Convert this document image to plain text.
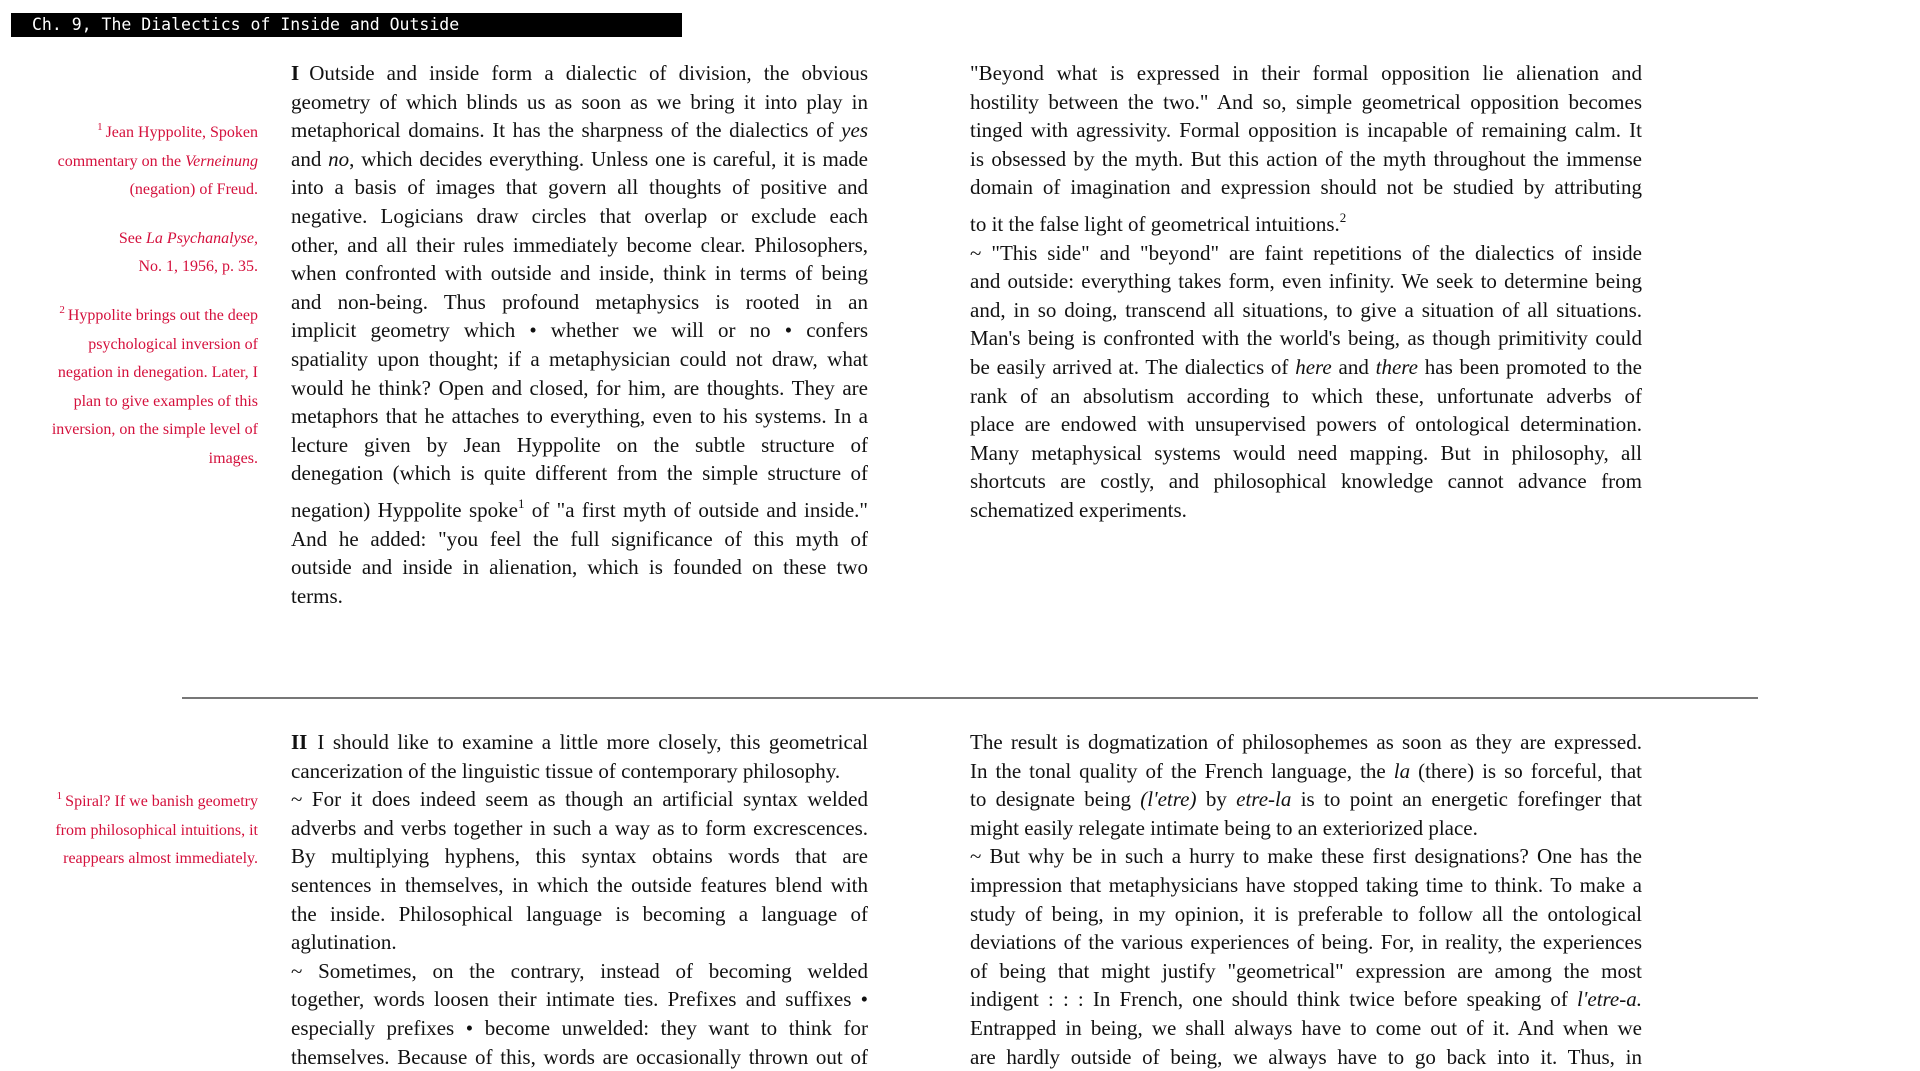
Ch. 9, The Dialectics of Inside and Outside
$^1$ Jean Hyppolite, Spoken
commentary on the Verneinung
(negation) of Freud.
See La Psychanalyse,
No. 1, 1956, p. 35.
$^2$ Hyppolite brings out the deep
psychological inversion of
negation in denegation. Later, I
plan to give examples of this
inversion, on the simple level of
images.
I Outside and inside form a dialectic of division, the obvious
geometry of which blinds us as soon as we bring it into play in
metaphorical domains. It has the sharpness of the dialectics of yes
and no, which decides everything. Unless one is careful, it is made
into a basis of images that govern all thoughts of positive and
negative. Logicians draw circles that overlap or exclude each
other, and all their rules immediately become clear. Philosophers,
when confronted with outside and inside, think in terms of being
and non-being. Thus profound metaphysics is rooted in an
implicit geometry which • whether we will or no • confers
spatiality upon thought; if a metaphysician could not draw, what
would he think? Open and closed, for him, are thoughts. They are
metaphors that he attaches to everything, even to his systems. In a
lecture given by Jean Hyppolite on the subtle structure of
denegation (which is quite different from the simple structure of
negation) Hyppolite spoke$^1$ of "a first myth of outside and inside."
And he added: "you feel the full significance of this myth of
outside and inside in alienation, which is founded on these two
terms.
"Beyond what is expressed in their formal opposition lie alienation and
hostility between the two." And so, simple geometrical opposition becomes
tinged with agressivity. Formal opposition is incapable of remaining calm. It
is obsessed by the myth. But this action of the myth throughout the immense
domain of imagination and expression should not be studied by attributing
to it the false light of geometrical intuitions.$^2$
~ "This side" and "beyond" are faint repetitions of the dialectics of inside
and outside: everything takes form, even infinity. We seek to determine being
and, in so doing, transcend all situations, to give a situation of all situations.
Man's being is confronted with the world's being, as though primitivity could
be easily arrived at. The dialectics of here and there has been promoted to the
rank of an absolutism according to which these, unfortunate adverbs of
place are endowed with unsupervised powers of ontological determination.
Many metaphysical systems would need mapping. But in philosophy, all
shortcuts are costly, and philosophical knowledge cannot advance from
schematized experiments.
$^1$ Spiral? If we banish geometry
from philosophical intuitions, it
reappears almost immediately.
II I should like to examine a little more closely, this geometrical
cancerization of the linguistic tissue of contemporary philosophy.
~ For it does indeed seem as though an artificial syntax welded
adverbs and verbs together in such a way as to form excrescences.
By multiplying hyphens, this syntax obtains words that are
sentences in themselves, in which the outside features blend with
the inside. Philosophical language is becoming a language of
aglutination.
~ Sometimes, on the contrary, instead of becoming welded
together, words loosen their intimate ties. Prefixes and suffixes •
especially prefixes • become unwelded: they want to think for
themselves. Because of this, words are occasionally thrown out of
The result is dogmatization of philosophemes as soon as they are expressed.
In the tonal quality of the French language, the la (there) is so forceful, that
to designate being (l'etre) by etre-la is to point an energetic forefinger that
might easily relegate intimate being to an exteriorized place.
~ But why be in such a hurry to make these first designations? One has the
impression that metaphysicians have stopped taking time to think. To make a
study of being, in my opinion, it is preferable to follow all the ontological
deviations of the various experiences of being. For, in reality, the experiences
of being that might justify "geometrical" expression are among the most
indigent : : : In French, one should think twice before speaking of l'etre-a.
Entrapped in being, we shall always have to come out of it. And when we
are hardly outside of being, we always have to go back into it. Thus, in
